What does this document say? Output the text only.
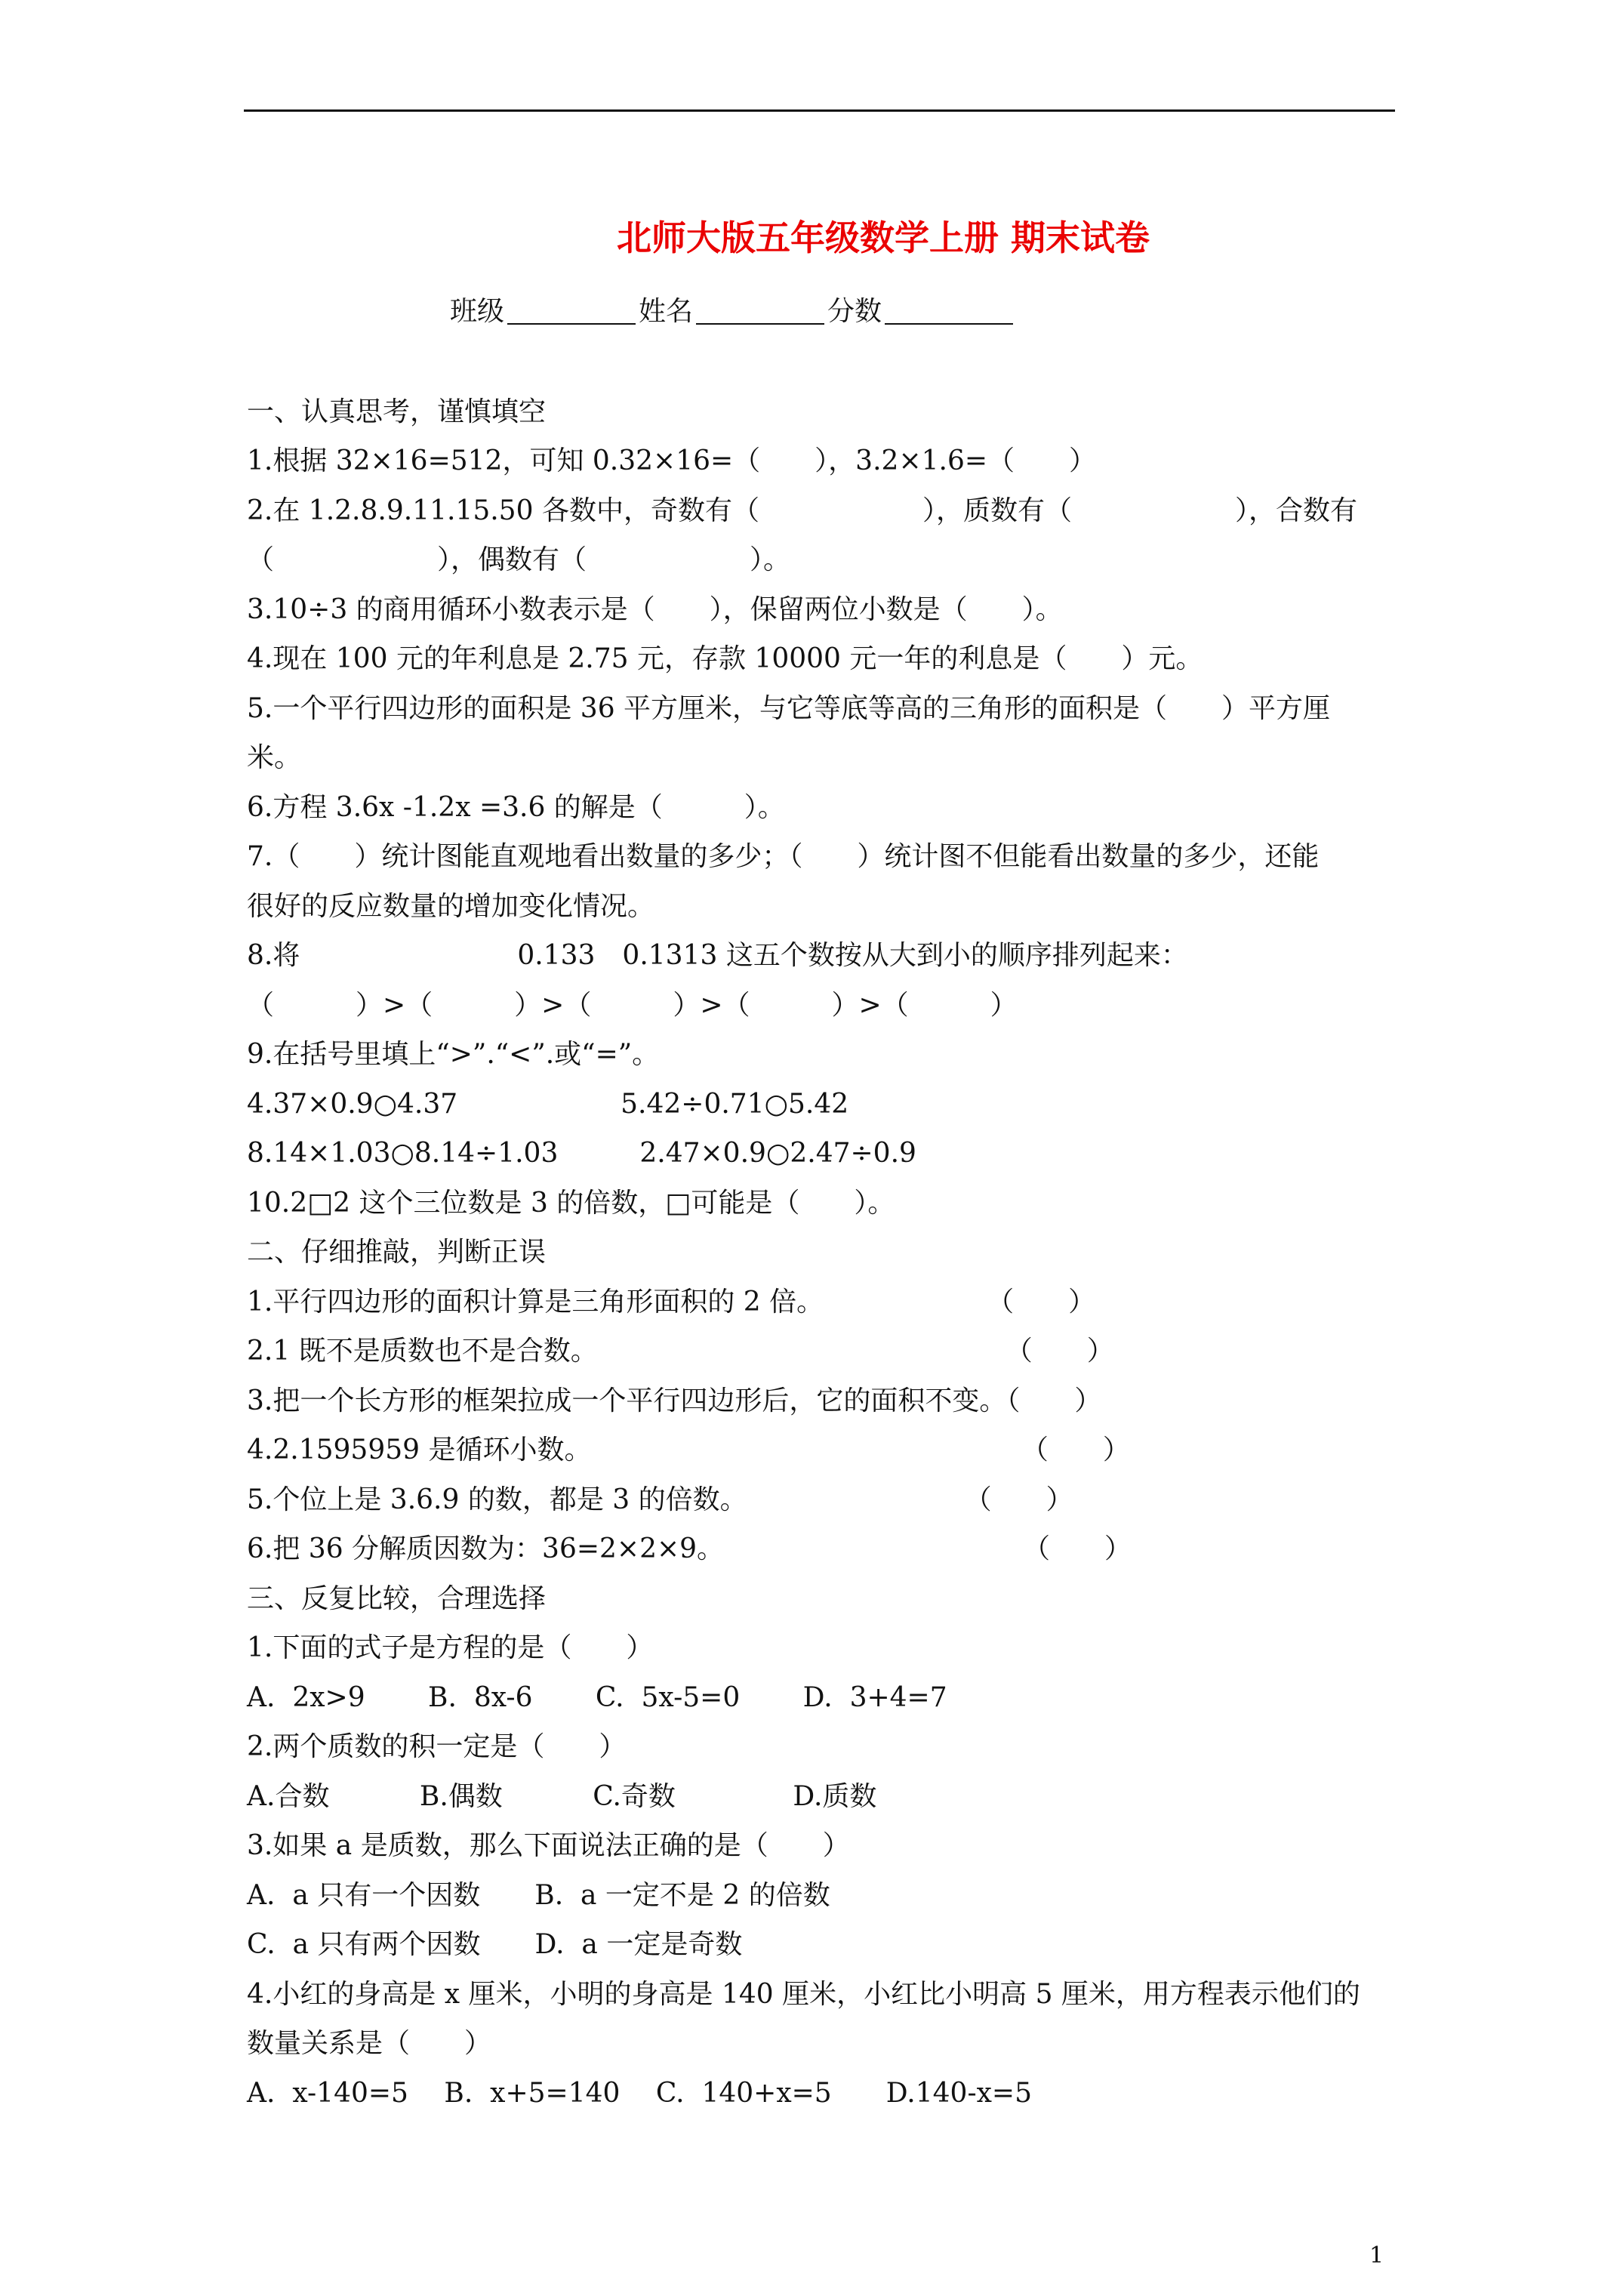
北师大版五年级数学上册 期末试卷
班级	姓名	分数
一、认真思考，谨慎填空
1.根据 32×16=512，可知 0.32×16=（　　），3.2×1.6=（　　）
2.在 1.2.8.9.11.15.50 各数中，奇数有（　　　　　　），质数有（　　　　　　），合数有
（　　　　　　），偶数有（　　　　　　）。
3.10÷3 的商用循环小数表示是（　　），保留两位小数是（　　）。
4.现在 100 元的年利息是 2.75 元，存款 10000 元一年的利息是（　　）元。
5.一个平行四边形的面积是 36 平方厘米，与它等底等高的三角形的面积是（　　）平方厘
米。
6.方程 3.6x -1.2x =3.6 的解是（　　　）。
7.（　　）统计图能直观地看出数量的多少；（　　）统计图不但能看出数量的多少，还能
很好的反应数量的增加变化情况。
8.将　　　　　　　　0.133　0.1313 这五个数按从大到小的顺序排列起来：
（　　　）>（　　　）>（　　　）>（　　　）>（　　　）
9.在括号里填上“>”.“<”.或“=”。
4.37×0.9○4.37　　　　　　5.42÷0.71○5.42
8.14×1.03○8.14÷1.03　　　2.47×0.9○2.47÷0.9
10.2□2 这个三位数是 3 的倍数，□可能是（　　）。
二、仔细推敲，判断正误
1.平行四边形的面积计算是三角形面积的 2 倍。　　　　　　　（　　）
2.1 既不是质数也不是合数。　　　　　　　　　　　　　　　　（　　）
3.把一个长方形的框架拉成一个平行四边形后，它的面积不变。（　　）
4.2.1595959 是循环小数。　　　　　　　　　　　　　　　　 （　　）
5.个位上是 3.6.9 的数，都是 3 的倍数。　　　　　　　　　（　　）
6.把 36 分解质因数为：36=2×2×9。　　　　　　　　　　　　（　　）
三、反复比较，合理选择
1.下面的式子是方程的是（　　）
A.  2x>9　　 B.  8x-6　　 C.  5x-5=0　　 D.  3+4=7
2.两个质数的积一定是（　　）
A.合数　　　 B.偶数　　　 C.奇数　　　　 D.质数
3.如果 a 是质数，那么下面说法正确的是（　　）
A.  a 只有一个因数　　B.  a 一定不是 2 的倍数
C.  a 只有两个因数　　D.  a 一定是奇数
4.小红的身高是 x 厘米，小明的身高是 140 厘米，小红比小明高 5 厘米，用方程表示他们的
数量关系是（　　）
A.  x-140=5　 B.  x+5=140　 C.  140+x=5　　D.140-x=5
1
